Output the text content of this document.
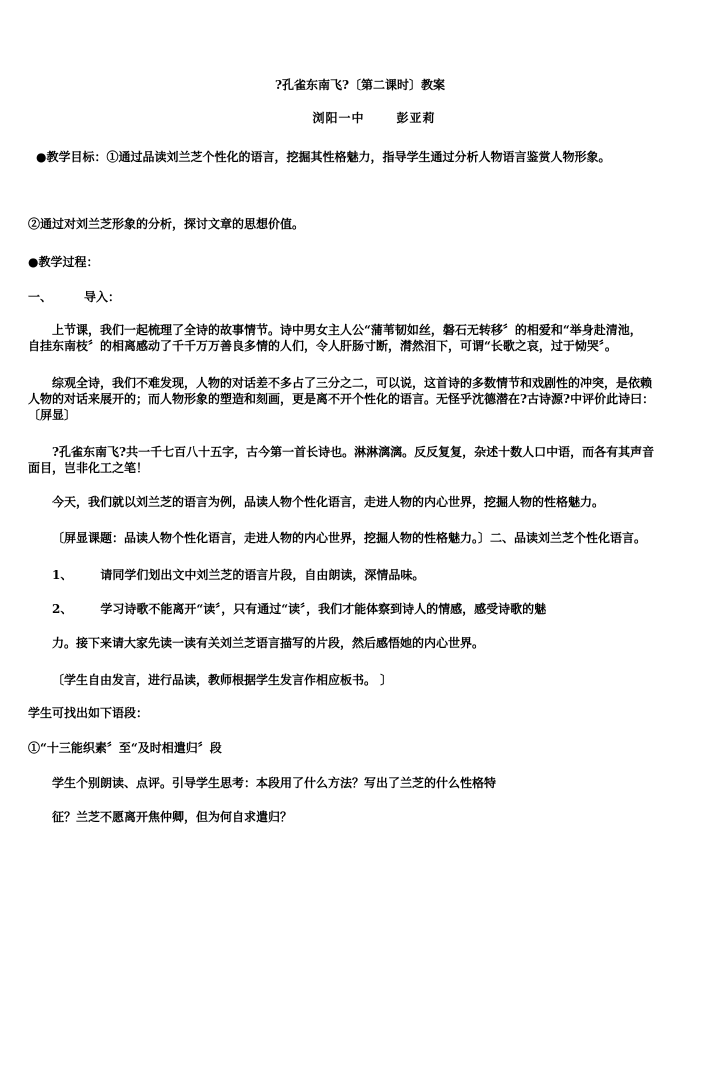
?孔雀东南飞?〔第二课时〕教案
浏阳一中	彭亚莉
●教学目标：①通过品读刘兰芝个性化的语言，挖掘其性格魅力，指导学生通过分析人物语言鉴赏人物形象。
②通过对刘兰芝形象的分析，探讨文章的思想价值。
●教学过程：
一、	导入：
上节课，我们一起梳理了全诗的故事情节。诗中男女主人公“蒲苇韧如丝，磐石无转移〞的相爱和“举身赴清池，
自挂东南枝〞的相离感动了千千万万善良多情的人们，令人肝肠寸断，潸然泪下，可谓“长歌之哀，过于恸哭〞。
综观全诗，我们不难发现，人物的对话差不多占了三分之二，可以说，这首诗的多数情节和戏剧性的冲突，是依赖
人物的对话来展开的；而人物形象的塑造和刻画，更是离不开个性化的语言。无怪乎沈德潜在?古诗源?中评价此诗曰：
〔屏显〕
?孔雀东南飞?共一千七百八十五字，古今第一首长诗也。淋淋漓漓。反反复复，杂述十数人口中语，而各有其声音
面目，岂非化工之笔！
今天，我们就以刘兰芝的语言为例，品读人物个性化语言，走进人物的内心世界，挖掘人物的性格魅力。
〔屏显课题：品读人物个性化语言，走进人物的内心世界，挖掘人物的性格魅力。〕二、品读刘兰芝个性化语言。
1、 请同学们划出文中刘兰芝的语言片段，自由朗读，深情品味。
2、 学习诗歌不能离开“读〞，只有通过“读〞，我们才能体察到诗人的情感，感受诗歌的魅
力。接下来请大家先读一读有关刘兰芝语言描写的片段，然后感悟她的内心世界。
〔学生自由发言，进行品读，教师根据学生发言作相应板书。 〕
学生可找出如下语段：
①“十三能织素〞至“及时相遣归〞段
学生个别朗读、点评。引导学生思考：本段用了什么方法？写出了兰芝的什么性格特
征？兰芝不愿离开焦仲卿，但为何自求遣归？
